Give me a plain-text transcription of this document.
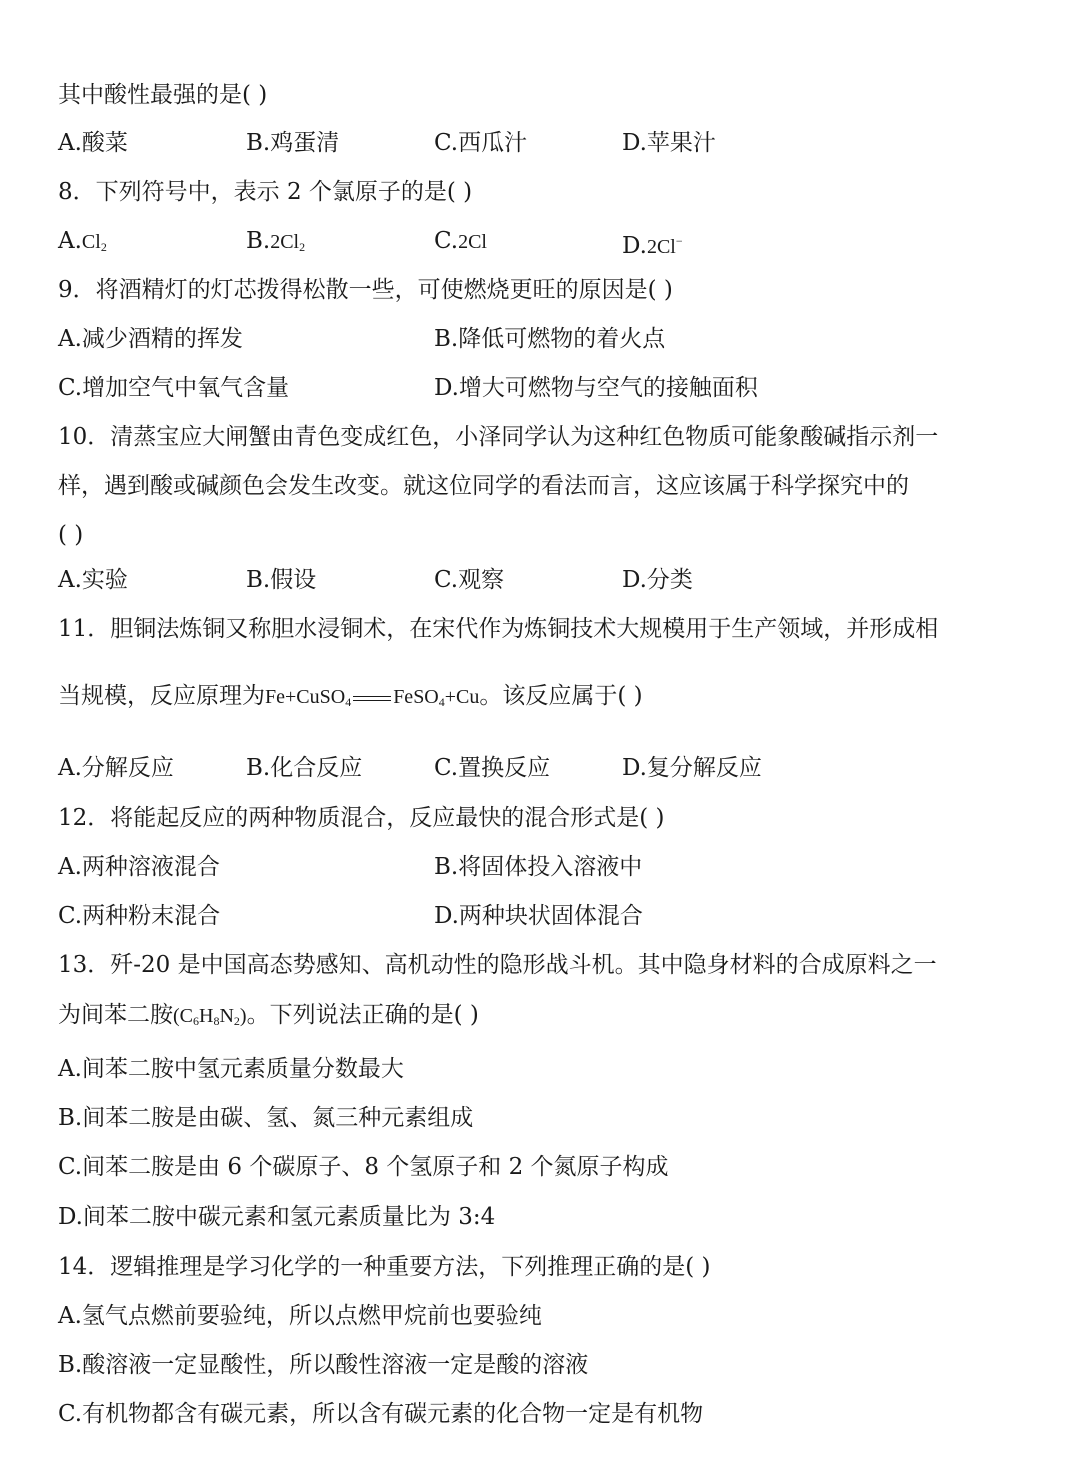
其中酸性最强的是( )
A.酸菜	B.鸡蛋清	C.西瓜汁	D.苹果汁
8．下列符号中，表示 2 个氯原子的是( )
$A.Cl_2$	$B.2Cl_2$	C.2Cl	D.2Cl−
9．将酒精灯的灯芯拨得松散一些，可使燃烧更旺的原因是( )
A.减少酒精的挥发	B.降低可燃物的着火点
C.增加空气中氧气含量	D.增大可燃物与空气的接触面积
10．清蒸宝应大闸蟹由青色变成红色，小泽同学认为这种红色物质可能象酸碱指示剂一
样，遇到酸或碱颜色会发生改变。就这位同学的看法而言，这应该属于科学探究中的
( )
A.实验	B.假设	C.观察	D.分类
11．胆铜法炼铜又称胆水浸铜术，在宋代作为炼铜技术大规模用于生产领域，并形成相
当规模，反应原理为Fe+CuSO$_4$ FeSO$_4$+Cu。该反应属于( )
A.分解反应	B.化合反应	C.置换反应	D.复分解反应
12．将能起反应的两种物质混合，反应最快的混合形式是( )
A.两种溶液混合	B.将固体投入溶液中
C.两种粉末混合	D.两种块状固体混合
13．歼-20 是中国高态势感知、高机动性的隐形战斗机。其中隐身材料的合成原料之一
为间苯二胺$(C_6H_8N_2)$。下列说法正确的是( )
A.间苯二胺中氢元素质量分数最大
B.间苯二胺是由碳、氢、氮三种元素组成
C.间苯二胺是由 6 个碳原子、8 个氢原子和 2 个氮原子构成
D.间苯二胺中碳元素和氢元素质量比为 3:4
14．逻辑推理是学习化学的一种重要方法，下列推理正确的是( )
A.氢气点燃前要验纯，所以点燃甲烷前也要验纯
B.酸溶液一定显酸性，所以酸性溶液一定是酸的溶液
C.有机物都含有碳元素，所以含有碳元素的化合物一定是有机物
